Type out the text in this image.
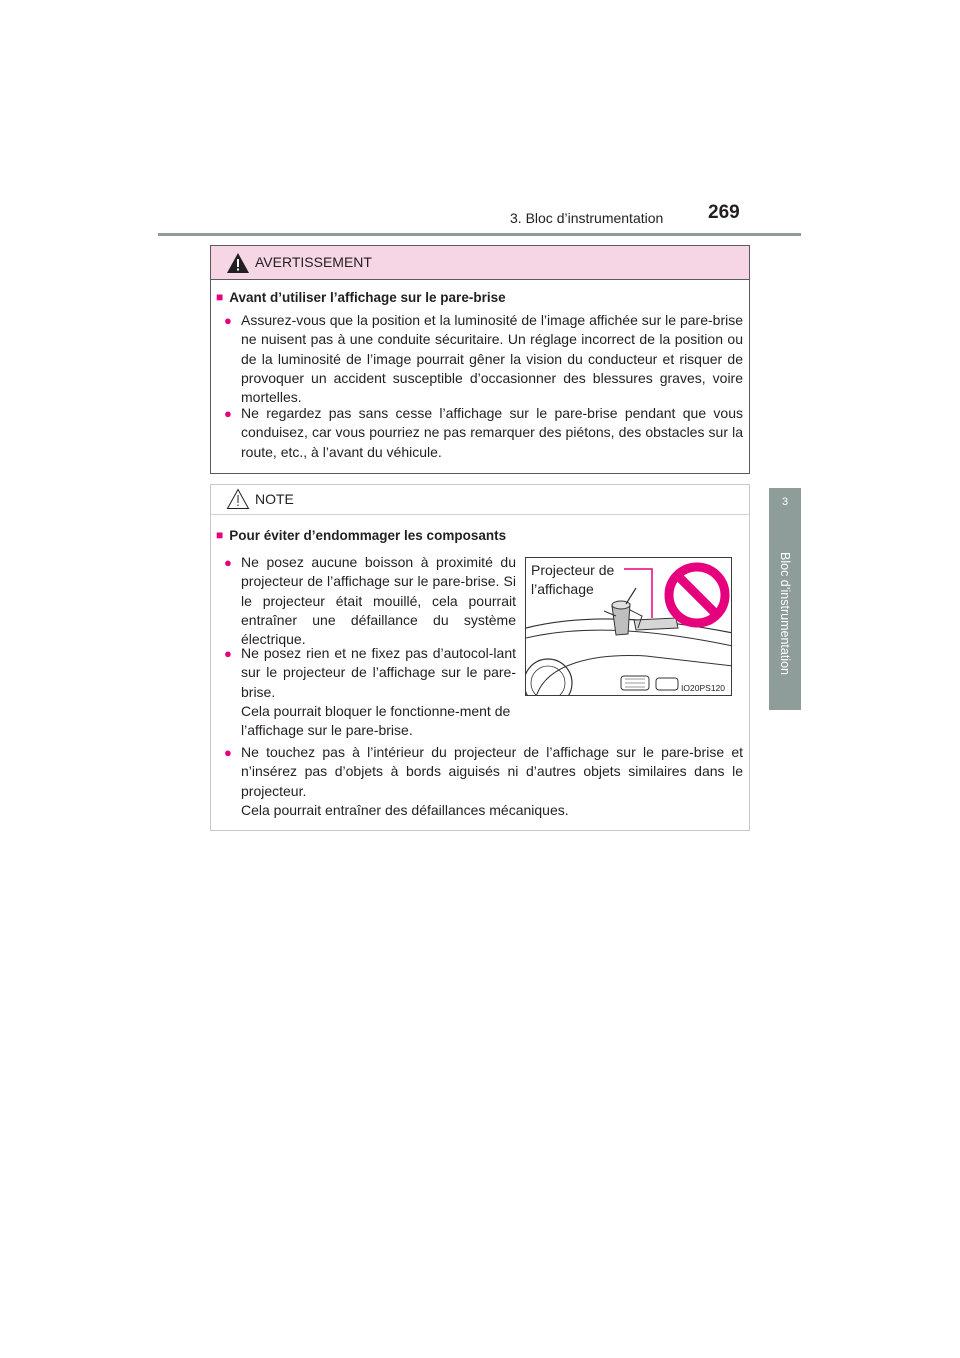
3. Bloc d’instrumentation 269
3
Bloc d’instrumentation
AVERTISSEMENT
■ Avant d’utiliser l’affichage sur le pare-brise
● Assurez-vous que la position et la luminosité de l’image affichée sur le pare-brise ne nuisent pas à une conduite sécuritaire. Un réglage incorrect de la position ou de la luminosité de l’image pourrait gêner la vision du conducteur et risquer de provoquer un accident susceptible d’occasionner des blessures graves, voire mortelles.

● Ne regardez pas sans cesse l’affichage sur le pare-brise pendant que vous conduisez, car vous pourriez ne pas remarquer des piétons, des obstacles sur la route, etc., à l’avant du véhicule.

NOTE
■ Pour éviter d’endommager les composants
● Ne posez aucune boisson à proximité du projecteur de l’affichage sur le pare-brise. Si le projecteur était mouillé, cela pourrait entraîner une défaillance du système électrique.

● Ne posez rien et ne fixez pas d’autocol-lant sur le projecteur de l’affichage sur le pare-brise.

Cela pourrait bloquer le fonctionne-ment de l’affichage sur le pare-brise.

● Ne touchez pas à l’intérieur du projecteur de l’affichage sur le pare-brise et n’insérez pas d’objets à bords aiguisés ni d’autres objets similaires dans le projecteur.

Cela pourrait entraîner des défaillances mécaniques.

Projecteur de
l’affichage
IO20PS120
